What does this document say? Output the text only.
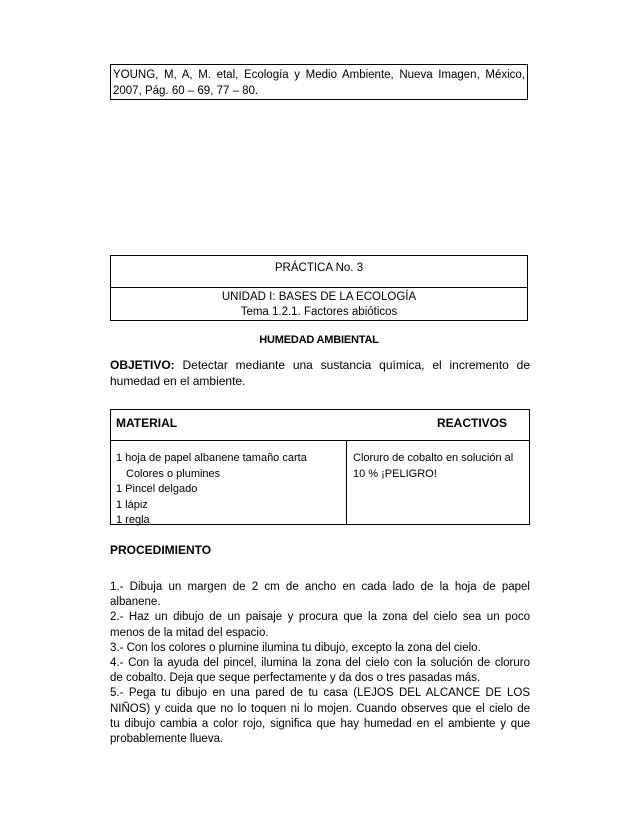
YOUNG, M, A, M. etal, Ecología y Medio Ambiente, Nueva Imagen, México,
2007, Pág. 60 – 69, 77 – 80.
PRÁCTICA No. 3
UNIDAD I: BASES DE LA ECOLOGÍA
Tema 1.2.1. Factores abióticos
HUMEDAD AMBIENTAL
OBJETIVO: Detectar mediante una sustancia química, el incremento de
humedad en el ambiente.
MATERIAL	REACTIVOS
1 hoja de papel albanene tamaño carta
Colores o plumines
1 Pincel delgado
1 lápiz
1 regla
Cloruro de cobalto en solución al
10 % ¡PELIGRO!
PROCEDIMIENTO
1.- Dibuja un margen de 2 cm de ancho en cada lado de la hoja de papel
albanene.
2.- Haz un dibujo de un paisaje y procura que la zona del cielo sea un poco
menos de la mitad del espacio.
3.- Con los colores o plumine ilumina tu dibujo, excepto la zona del cielo.
4.- Con la ayuda del pincel, ilumina la zona del cielo con la solución de cloruro
de cobalto. Deja que seque perfectamente y da dos o tres pasadas más.
5.- Pega tu dibujo en una pared de tu casa (LEJOS DEL ALCANCE DE LOS
NIÑOS) y cuida que no lo toquen ni lo mojen. Cuando observes que el cielo de
tu dibujo cambia a color rojo, significa que hay humedad en el ambiente y que
probablemente llueva.
